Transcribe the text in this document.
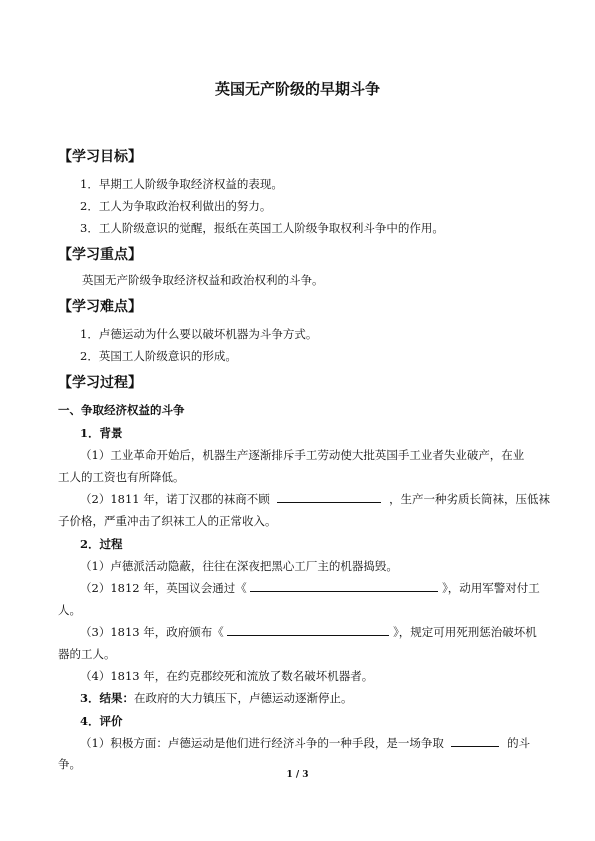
英国无产阶级的早期斗争
【学习目标】
1．早期工人阶级争取经济权益的表现。
2．工人为争取政治权利做出的努力。
3．工人阶级意识的觉醒，报纸在英国工人阶级争取权利斗争中的作用。
【学习重点】
英国无产阶级争取经济权益和政治权利的斗争。
【学习难点】
1．卢德运动为什么要以破坏机器为斗争方式。
2．英国工人阶级意识的形成。
【学习过程】
一、争取经济权益的斗争
1．背景
（1）工业革命开始后，机器生产逐渐排斥手工劳动使大批英国手工业者失业破产，在业
工人的工资也有所降低。
（2）1811 年，诺丁汉郡的袜商不顾	，生产一种劣质长筒袜，压低袜
子价格，严重冲击了织袜工人的正常收入。
2．过程
（1）卢德派活动隐蔽，往往在深夜把黑心工厂主的机器捣毁。
（2）1812 年，英国议会通过《	》，动用军警对付工
人。
（3）1813 年，政府颁布《	》，规定可用死刑惩治破坏机
器的工人。
（4）1813 年，在约克郡绞死和流放了数名破坏机器者。
3．结果：在政府的大力镇压下，卢德运动逐渐停止。
4．评价
（1）积极方面：卢德运动是他们进行经济斗争的一种手段，是一场争取	的斗
争。
1 / 3
